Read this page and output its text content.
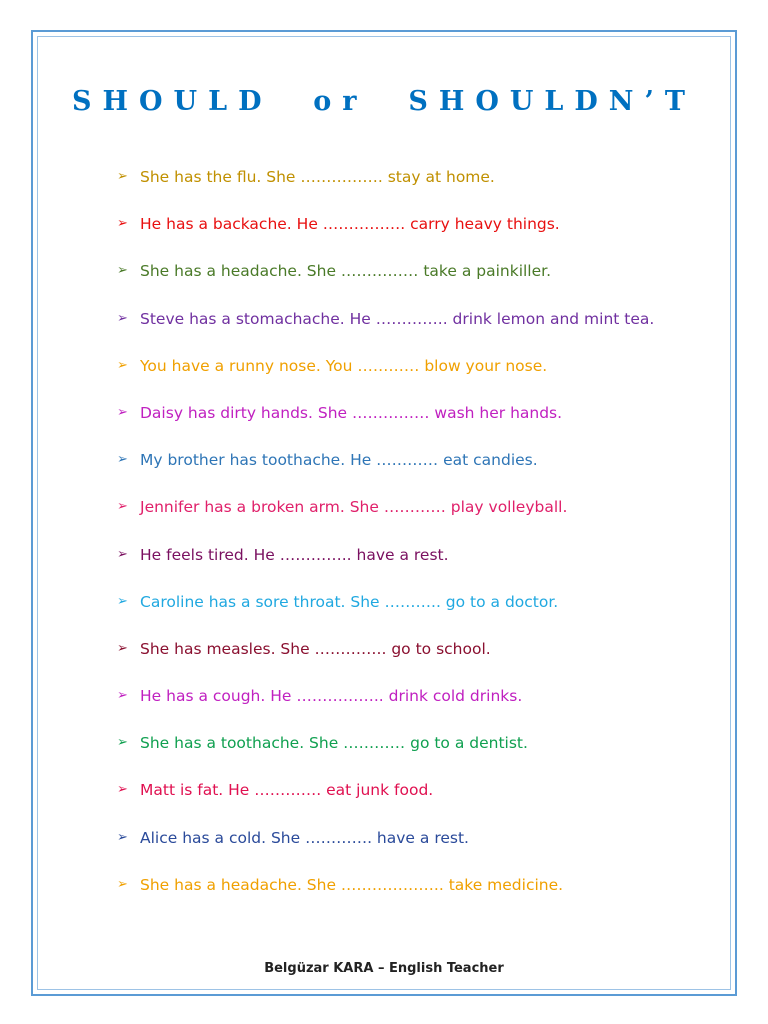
SHOULD  or  SHOULDN’T
➢ She has the flu. She ……………. stay at home.
➢ He has a backache. He ……………. carry heavy things.
➢ She has a headache. She …………… take a painkiller.
➢ Steve has a stomachache. He ………….. drink lemon and mint tea.
➢ You have a runny nose. You ………… blow your nose.
➢ Daisy has dirty hands. She …………… wash her hands.
➢ My brother has toothache. He ………… eat candies.
➢ Jennifer has a broken arm. She ………… play volleyball.
➢ He feels tired. He ………….. have a rest.
➢ Caroline has a sore throat. She ……….. go to a doctor.
➢ She has measles. She ………….. go to school.
➢ He has a cough. He …………….. drink cold drinks.
➢ She has a toothache. She ………… go to a dentist.
➢ Matt is fat. He …………. eat junk food.
➢ Alice has a cold. She …………. have a rest.
➢ She has a headache. She ……………….. take medicine.
Belgüzar KARA – English Teacher
